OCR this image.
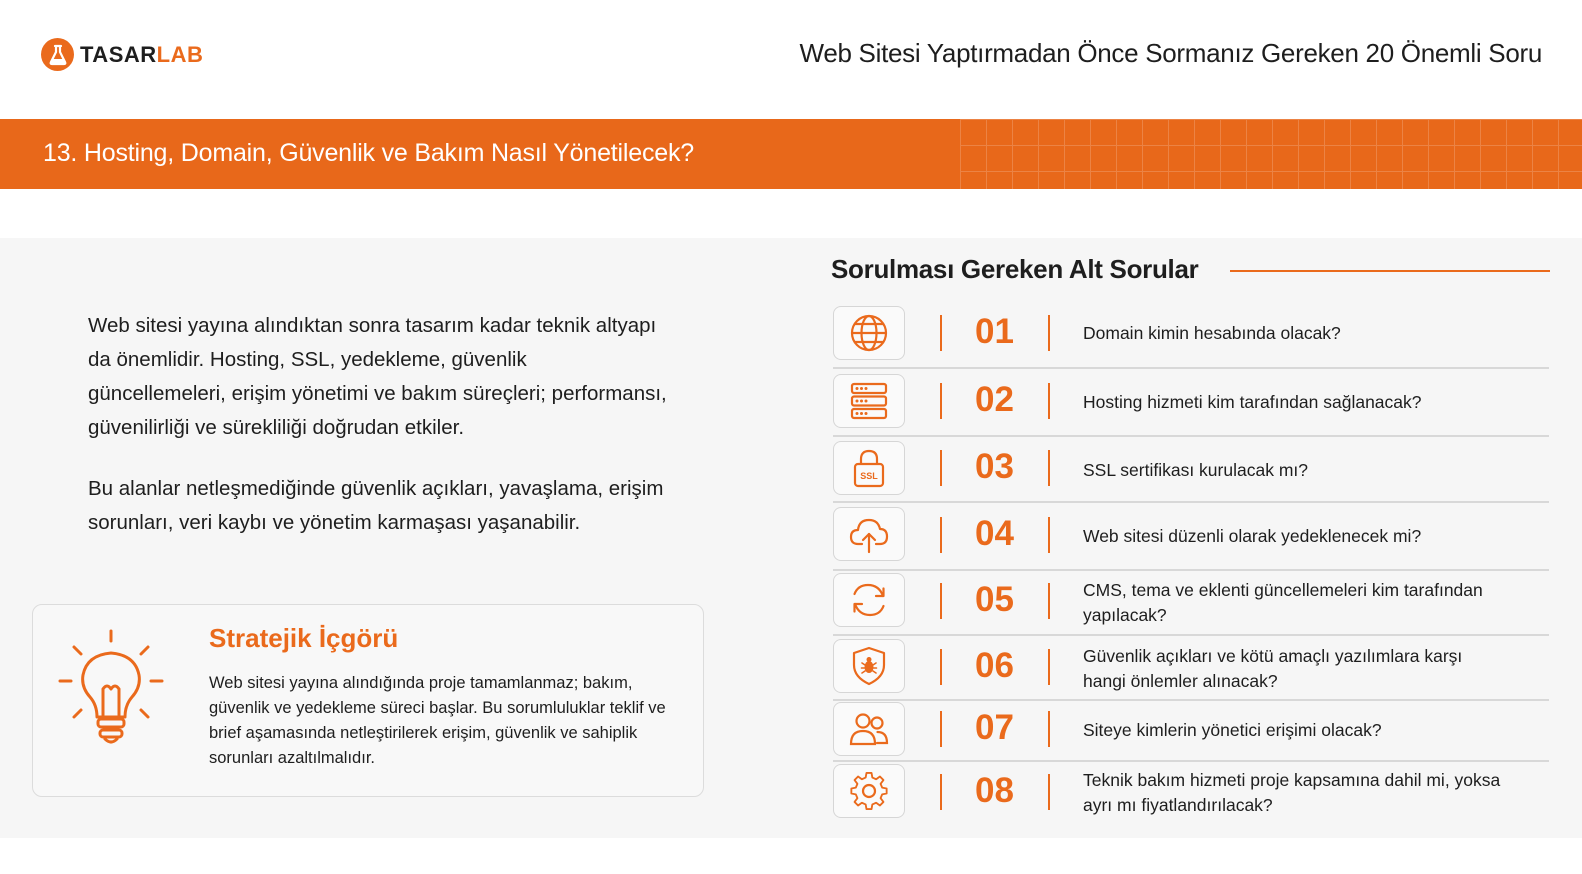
TASARLAB	Web Sitesi Yaptırmadan Önce Sormanız Gereken 20 Önemli Soru
13. Hosting, Domain, Güvenlik ve Bakım Nasıl Yönetilecek?
Web sitesi yayına alındıktan sonra tasarım kadar teknik altyapı da önemlidir. Hosting, SSL, yedekleme, güvenlik güncellemeleri, erişim yönetimi ve bakım süreçleri; performansı, güvenilirliği ve sürekliliği doğrudan etkiler.
Bu alanlar netleşmediğinde güvenlik açıkları, yavaşlama, erişim sorunları, veri kaybı ve yönetim karmaşası yaşanabilir.
Stratejik İçgörü
Web sitesi yayına alındığında proje tamamlanmaz; bakım, güvenlik ve yedekleme süreci başlar. Bu sorumluluklar teklif ve brief aşamasında netleştirilerek erişim, güvenlik ve sahiplik sorunları azaltılmalıdır.
Sorulması Gereken Alt Sorular
01	Domain kimin hesabında olacak?
02	Hosting hizmeti kim tarafından sağlanacak?
SSL	03	SSL sertifikası kurulacak mı?
04	Web sitesi düzenli olarak yedeklenecek mi?
05	CMS, tema ve eklenti güncellemeleri kim tarafından yapılacak?
06	Güvenlik açıkları ve kötü amaçlı yazılımlara karşı hangi önlemler alınacak?
07	Siteye kimlerin yönetici erişimi olacak?
08	Teknik bakım hizmeti proje kapsamına dahil mi, yoksa ayrı mı fiyatlandırılacak?
